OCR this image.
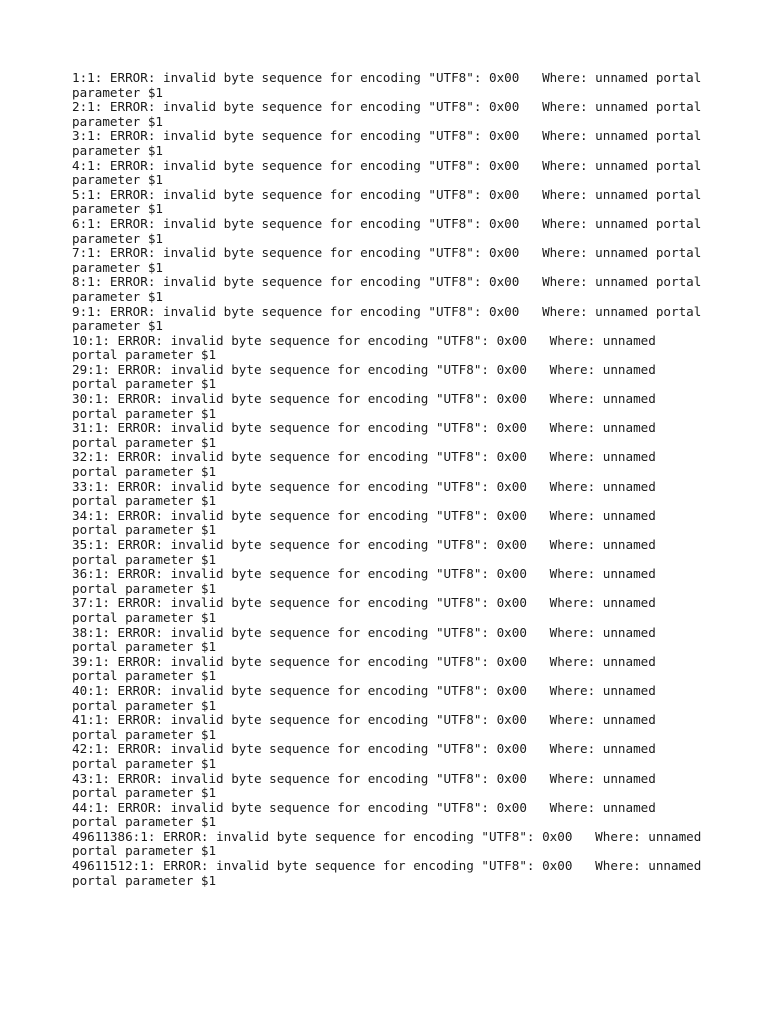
1:1: ERROR: invalid byte sequence for encoding "UTF8": 0x00   Where: unnamed portal parameter $1
2:1: ERROR: invalid byte sequence for encoding "UTF8": 0x00   Where: unnamed portal parameter $1
3:1: ERROR: invalid byte sequence for encoding "UTF8": 0x00   Where: unnamed portal parameter $1
4:1: ERROR: invalid byte sequence for encoding "UTF8": 0x00   Where: unnamed portal parameter $1
5:1: ERROR: invalid byte sequence for encoding "UTF8": 0x00   Where: unnamed portal parameter $1
6:1: ERROR: invalid byte sequence for encoding "UTF8": 0x00   Where: unnamed portal parameter $1
7:1: ERROR: invalid byte sequence for encoding "UTF8": 0x00   Where: unnamed portal parameter $1
8:1: ERROR: invalid byte sequence for encoding "UTF8": 0x00   Where: unnamed portal parameter $1
9:1: ERROR: invalid byte sequence for encoding "UTF8": 0x00   Where: unnamed portal parameter $1
10:1: ERROR: invalid byte sequence for encoding "UTF8": 0x00   Where: unnamed portal parameter $1
29:1: ERROR: invalid byte sequence for encoding "UTF8": 0x00   Where: unnamed portal parameter $1
30:1: ERROR: invalid byte sequence for encoding "UTF8": 0x00   Where: unnamed portal parameter $1
31:1: ERROR: invalid byte sequence for encoding "UTF8": 0x00   Where: unnamed portal parameter $1
32:1: ERROR: invalid byte sequence for encoding "UTF8": 0x00   Where: unnamed portal parameter $1
33:1: ERROR: invalid byte sequence for encoding "UTF8": 0x00   Where: unnamed portal parameter $1
34:1: ERROR: invalid byte sequence for encoding "UTF8": 0x00   Where: unnamed portal parameter $1
35:1: ERROR: invalid byte sequence for encoding "UTF8": 0x00   Where: unnamed portal parameter $1
36:1: ERROR: invalid byte sequence for encoding "UTF8": 0x00   Where: unnamed portal parameter $1
37:1: ERROR: invalid byte sequence for encoding "UTF8": 0x00   Where: unnamed portal parameter $1
38:1: ERROR: invalid byte sequence for encoding "UTF8": 0x00   Where: unnamed portal parameter $1
39:1: ERROR: invalid byte sequence for encoding "UTF8": 0x00   Where: unnamed portal parameter $1
40:1: ERROR: invalid byte sequence for encoding "UTF8": 0x00   Where: unnamed portal parameter $1
41:1: ERROR: invalid byte sequence for encoding "UTF8": 0x00   Where: unnamed portal parameter $1
42:1: ERROR: invalid byte sequence for encoding "UTF8": 0x00   Where: unnamed portal parameter $1
43:1: ERROR: invalid byte sequence for encoding "UTF8": 0x00   Where: unnamed portal parameter $1
44:1: ERROR: invalid byte sequence for encoding "UTF8": 0x00   Where: unnamed portal parameter $1
49611386:1: ERROR: invalid byte sequence for encoding "UTF8": 0x00   Where: unnamed portal parameter $1
49611512:1: ERROR: invalid byte sequence for encoding "UTF8": 0x00   Where: unnamed portal parameter $1
